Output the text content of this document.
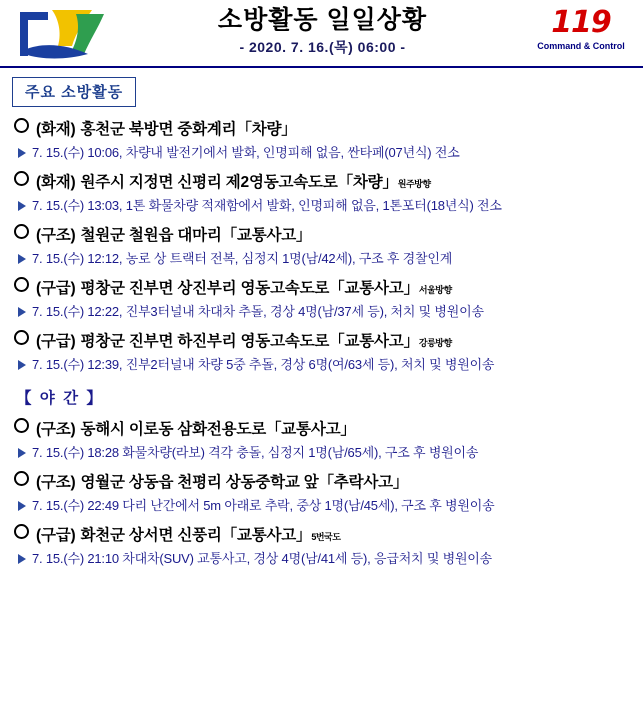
소방활동 일일상황
- 2020. 7. 16.(목) 06:00 -
119
Command & Control
주요 소방활동
(화재) 홍천군 북방면 중화계리「차량」
7. 15.(수) 10:06, 차량내 발전기에서 발화, 인명피해 없음, 싼타페(07년식) 전소
(화재) 원주시 지정면 신평리 제2영동고속도로「차량」 원주방향
7. 15.(수) 13:03, 1톤 화물차량 적재함에서 발화, 인명피해 없음, 1톤포터(18년식) 전소
(구조) 철원군 철원읍 대마리「교통사고」
7. 15.(수) 12:12, 농로 상 트랙터 전복, 심정지 1명(남/42세), 구조 후 경찰인계
(구급) 평창군 진부면 상진부리 영동고속도로「교통사고」 서울방향
7. 15.(수) 12:22, 진부3터널내 차대차 추돌, 경상 4명(남/37세 등), 처치 및 병원이송
(구급) 평창군 진부면 하진부리 영동고속도로「교통사고」 강릉방향
7. 15.(수) 12:39, 진부2터널내 차량 5중 추돌, 경상 6명(여/63세 등), 처치 및 병원이송
【 야 간 】
(구조) 동해시 이로동 삼화전용도로「교통사고」
7. 15.(수) 18:28 화물차량(라보) 격각 충돌, 심정지 1명(남/65세), 구조 후 병원이송
(구조) 영월군 상동읍 천평리 상동중학교 앞「추락사고」
7. 15.(수) 22:49 다리 난간에서 5m 아래로 추락, 중상 1명(남/45세), 구조 후 병원이송
(구급) 화천군 상서면 신풍리「교통사고」 5번국도
7. 15.(수) 21:10 차대차(SUV) 교통사고, 경상 4명(남/41세 등), 응급처치 및 병원이송
